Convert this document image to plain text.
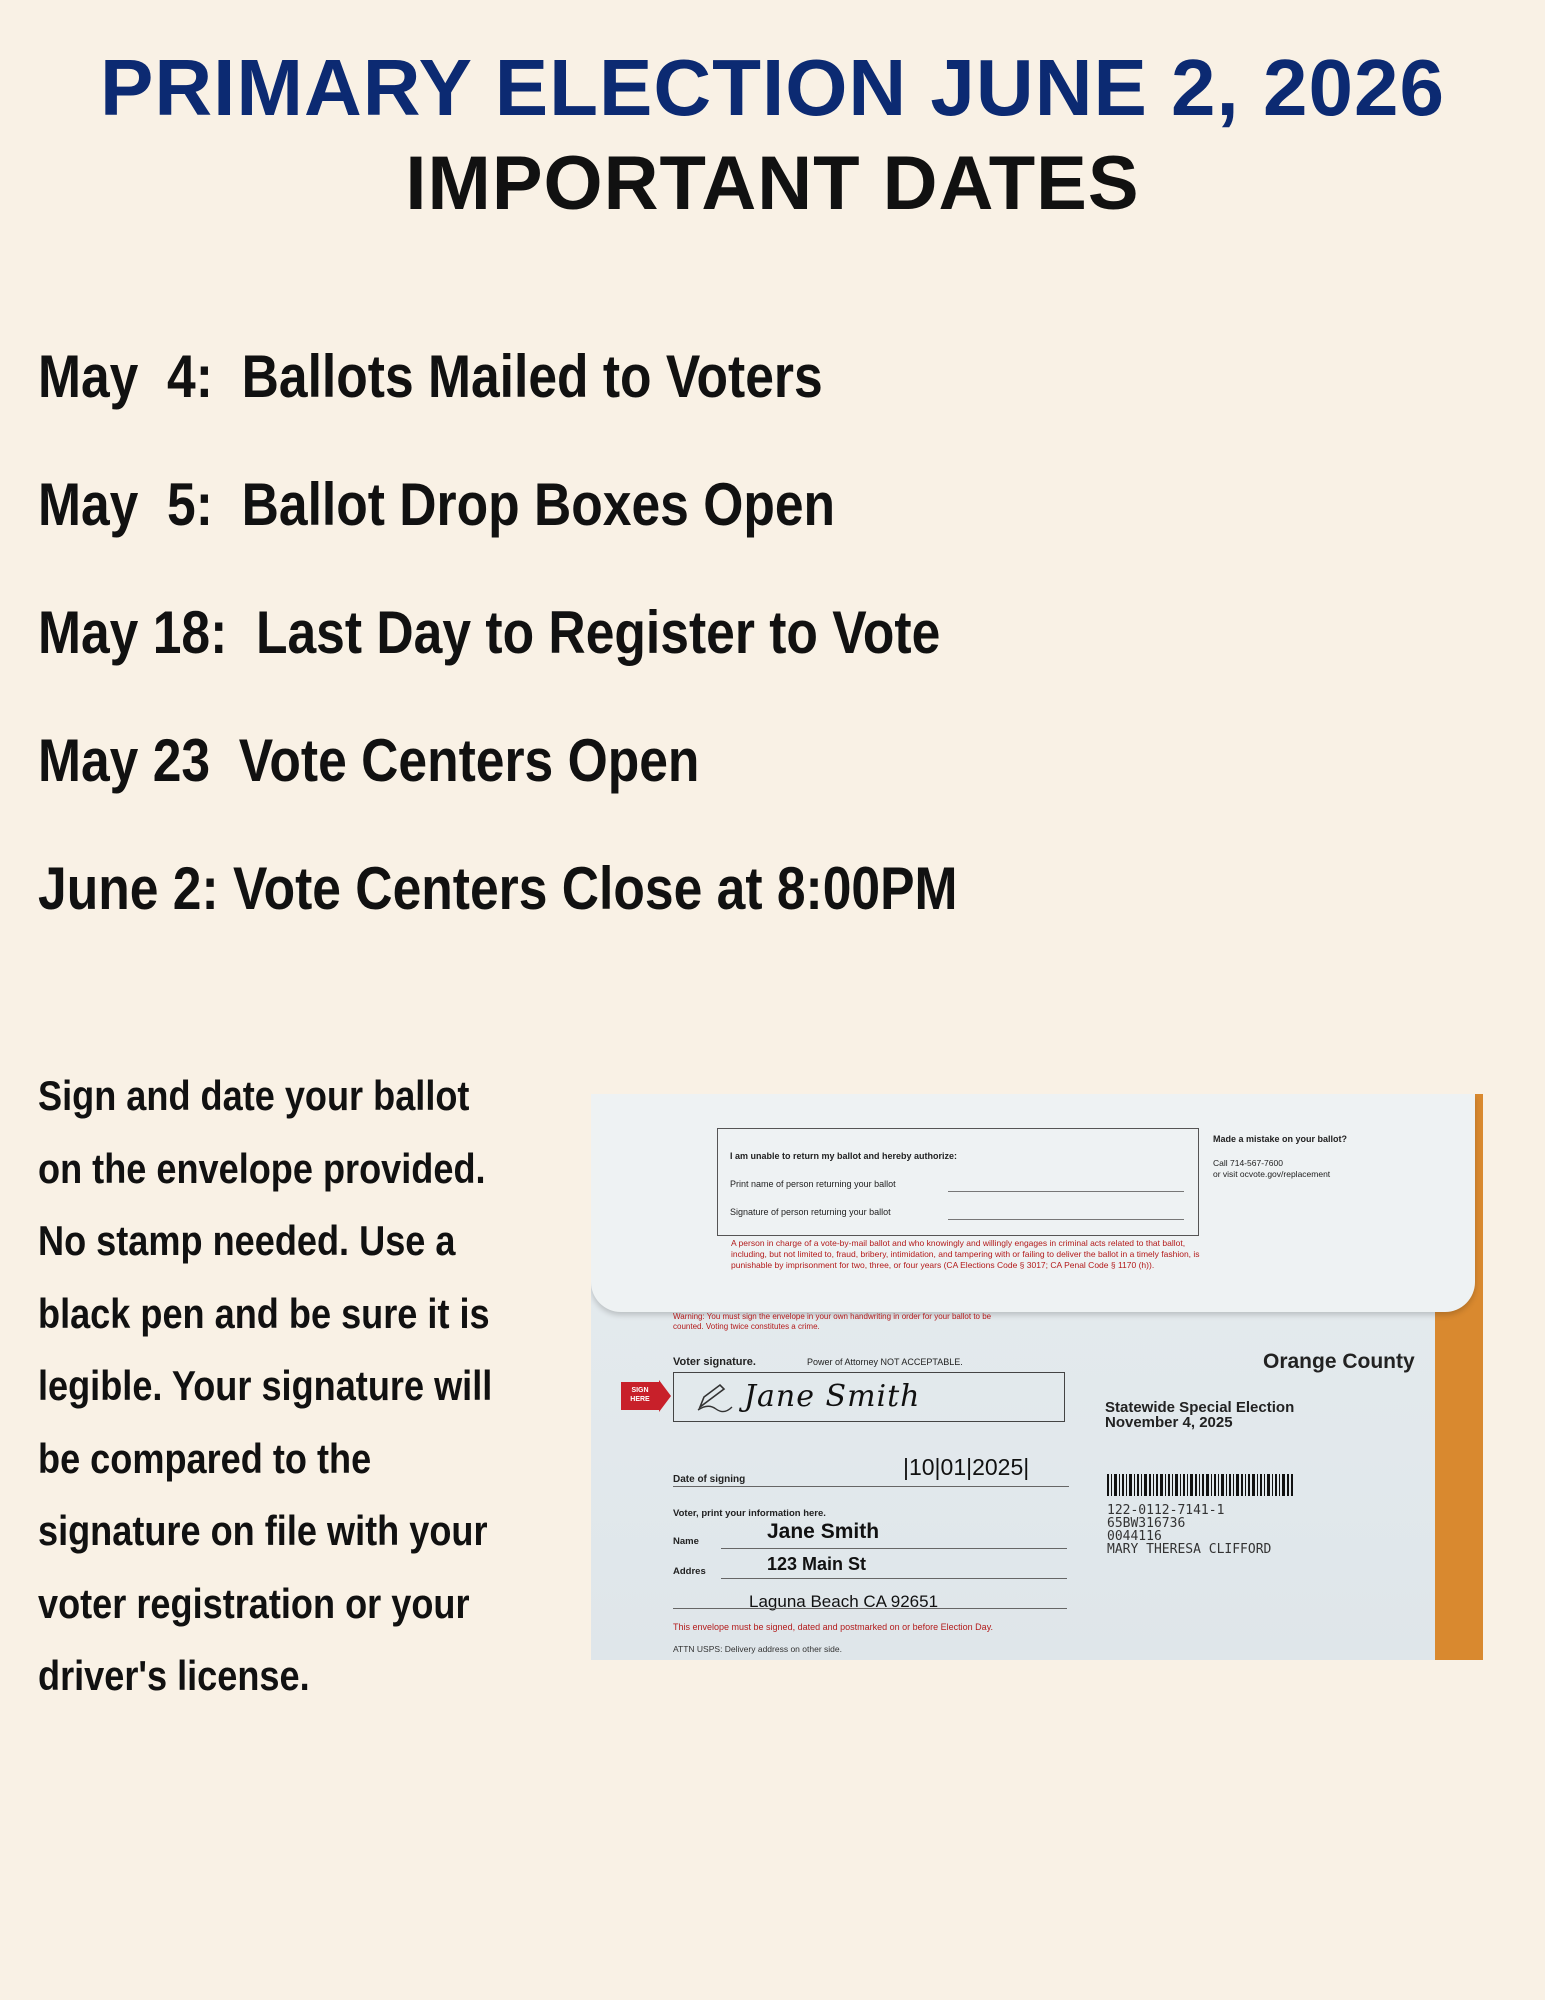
PRIMARY ELECTION JUNE 2, 2026
IMPORTANT DATES
May  4:  Ballots Mailed to Voters
May  5:  Ballot Drop Boxes Open
May 18:  Last Day to Register to Vote
May 23  Vote Centers Open
June 2: Vote Centers Close at 8:00PM
Sign and date your ballot
on the envelope provided.
No stamp needed. Use a
black pen and be sure it is
legible. Your signature will
be compared to the
signature on file with your
voter registration or your
driver's license.
I am unable to return my ballot and hereby authorize:
Print name of person returning your ballot
Signature of person returning your ballot
A person in charge of a vote-by-mail ballot and who knowingly and willingly engages in criminal acts related to that ballot, including, but not limited to, fraud, bribery, intimidation, and tampering with or failing to deliver the ballot in a timely fashion, is punishable by imprisonment for two, three, or four years (CA Elections Code § 3017; CA Penal Code § 1170 (h)).
Made a mistake on your ballot?
Call 714-567-7600
or visit ocvote.gov/replacement
Warning: You must sign the envelope in your own handwriting in order for your ballot to be counted. Voting twice constitutes a crime.
Voter signature.	Power of Attorney NOT ACCEPTABLE.
SIGN HERE	Jane Smith
Orange County
Statewide Special Election
November 4, 2025
|10|01|2025|
Date of signing
122-0112-7141-1
65BW316736
0044116
MARY THERESA CLIFFORD
Voter, print your information here.
Jane Smith
Name
123 Main St
Addres
Laguna Beach CA 92651
This envelope must be signed, dated and postmarked on or before Election Day.
ATTN USPS: Delivery address on other side.
